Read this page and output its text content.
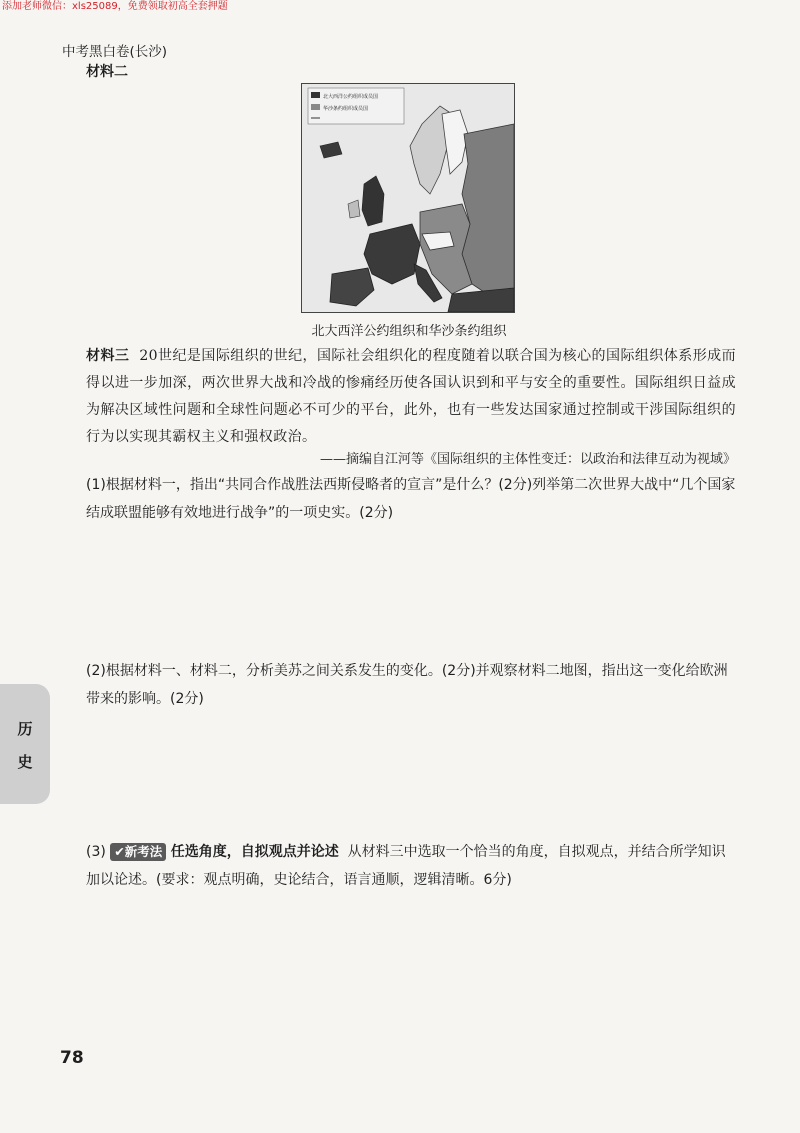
添加老师微信：xls25089，免费领取初高全套押题
中考黑白卷(长沙)
材料二
北大西洋公约组织成员国
华沙条约组织成员国
北大西洋公约组织和华沙条约组织
材料三 20世纪是国际组织的世纪，国际社会组织化的程度随着以联合国为核心的国际组织体系形成而得以进一步加深，两次世界大战和冷战的惨痛经历使各国认识到和平与安全的重要性。国际组织日益成为解决区域性问题和全球性问题必不可少的平台，此外，也有一些发达国家通过控制或干涉国际组织的行为以实现其霸权主义和强权政治。
——摘编自江河等《国际组织的主体性变迁：以政治和法律互动为视域》
(1)根据材料一，指出“共同合作战胜法西斯侵略者的宣言”是什么？(2分)列举第二次世界大战中“几个国家结成联盟能够有效地进行战争”的一项史实。(2分)
(2)根据材料一、材料二，分析美苏之间关系发生的变化。(2分)并观察材料二地图，指出这一变化给欧洲带来的影响。(2分)
(3) ✔新考法 任选角度，自拟观点并论述 从材料三中选取一个恰当的角度，自拟观点，并结合所学知识加以论述。(要求：观点明确，史论结合，语言通顺，逻辑清晰。6分)
历
史
78
